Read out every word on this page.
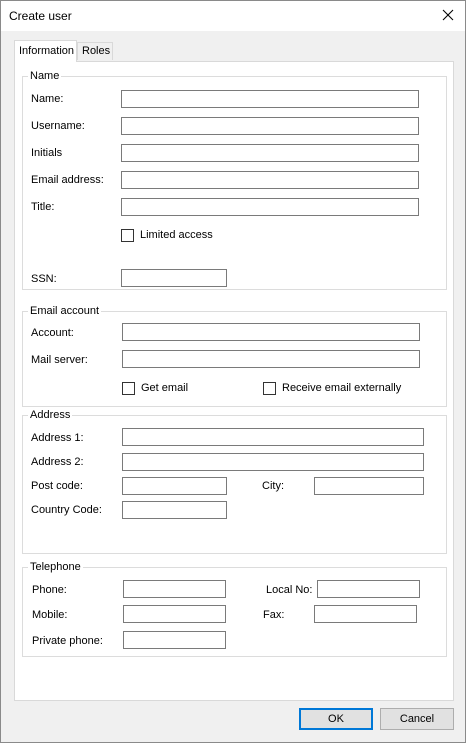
Create user
Information Roles
Name
Name:
Username:
Initials
Email address:
Title:
Limited access
SSN:
Email account
Account:
Mail server:
Get email	Receive email externally
Address
Address 1:
Address 2:
Post code:	City:
Country Code:
Telephone
Phone:	Local No:
Mobile:	Fax:
Private phone:
OK	Cancel
